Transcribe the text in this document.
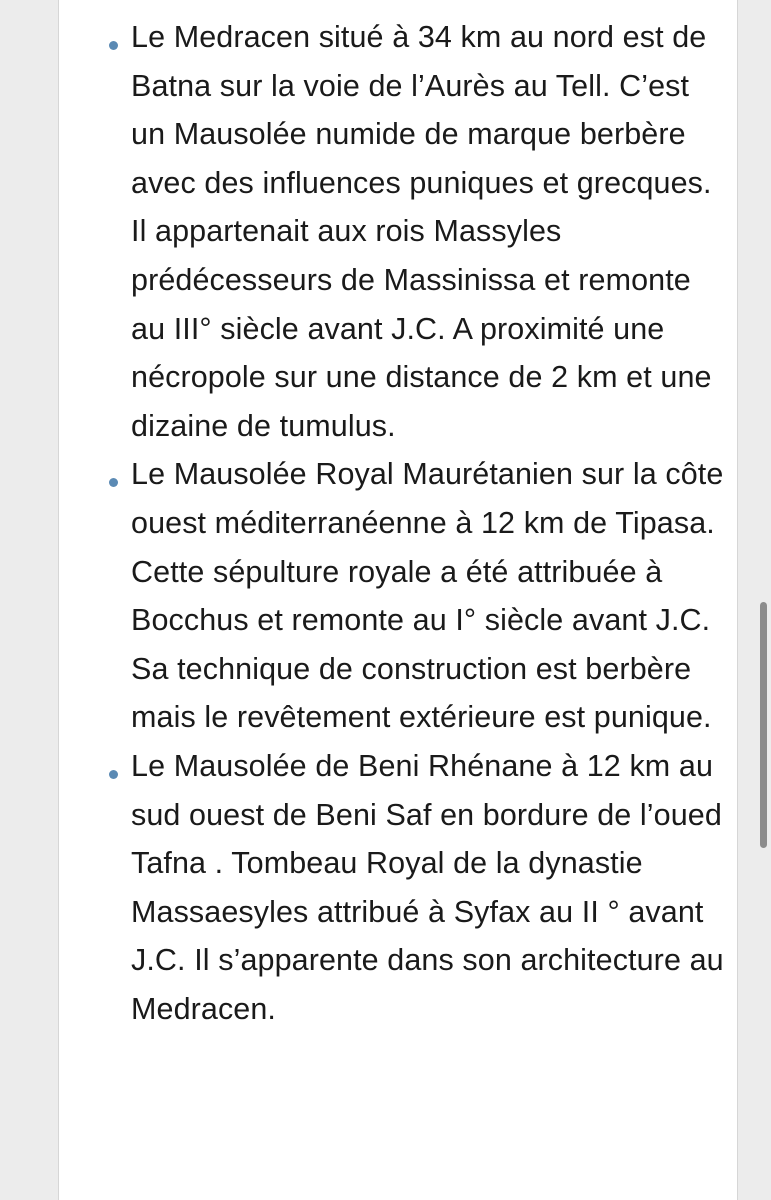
Le Medracen situé à 34 km au nord est de Batna sur la voie de l’Aurès au Tell. C’est un Mausolée numide de marque berbère avec des influences puniques et grecques. Il appartenait aux rois Massyles prédécesseurs de Massinissa et remonte au III° siècle avant J.C. A proximité une nécropole sur une distance de 2 km et une dizaine de tumulus.
Le Mausolée Royal Maurétanien sur la côte ouest méditerranéenne à 12 km de Tipasa. Cette sépulture royale a été attribuée à Bocchus et remonte au I° siècle avant J.C. Sa technique de construction est berbère mais le revêtement extérieure est punique.
Le Mausolée de Beni Rhénane à 12 km au sud ouest de Beni Saf en bordure de l’oued Tafna . Tombeau Royal de la dynastie Massaesyles attribué à Syfax au II ° avant J.C. Il s’apparente dans son architecture au Medracen.
